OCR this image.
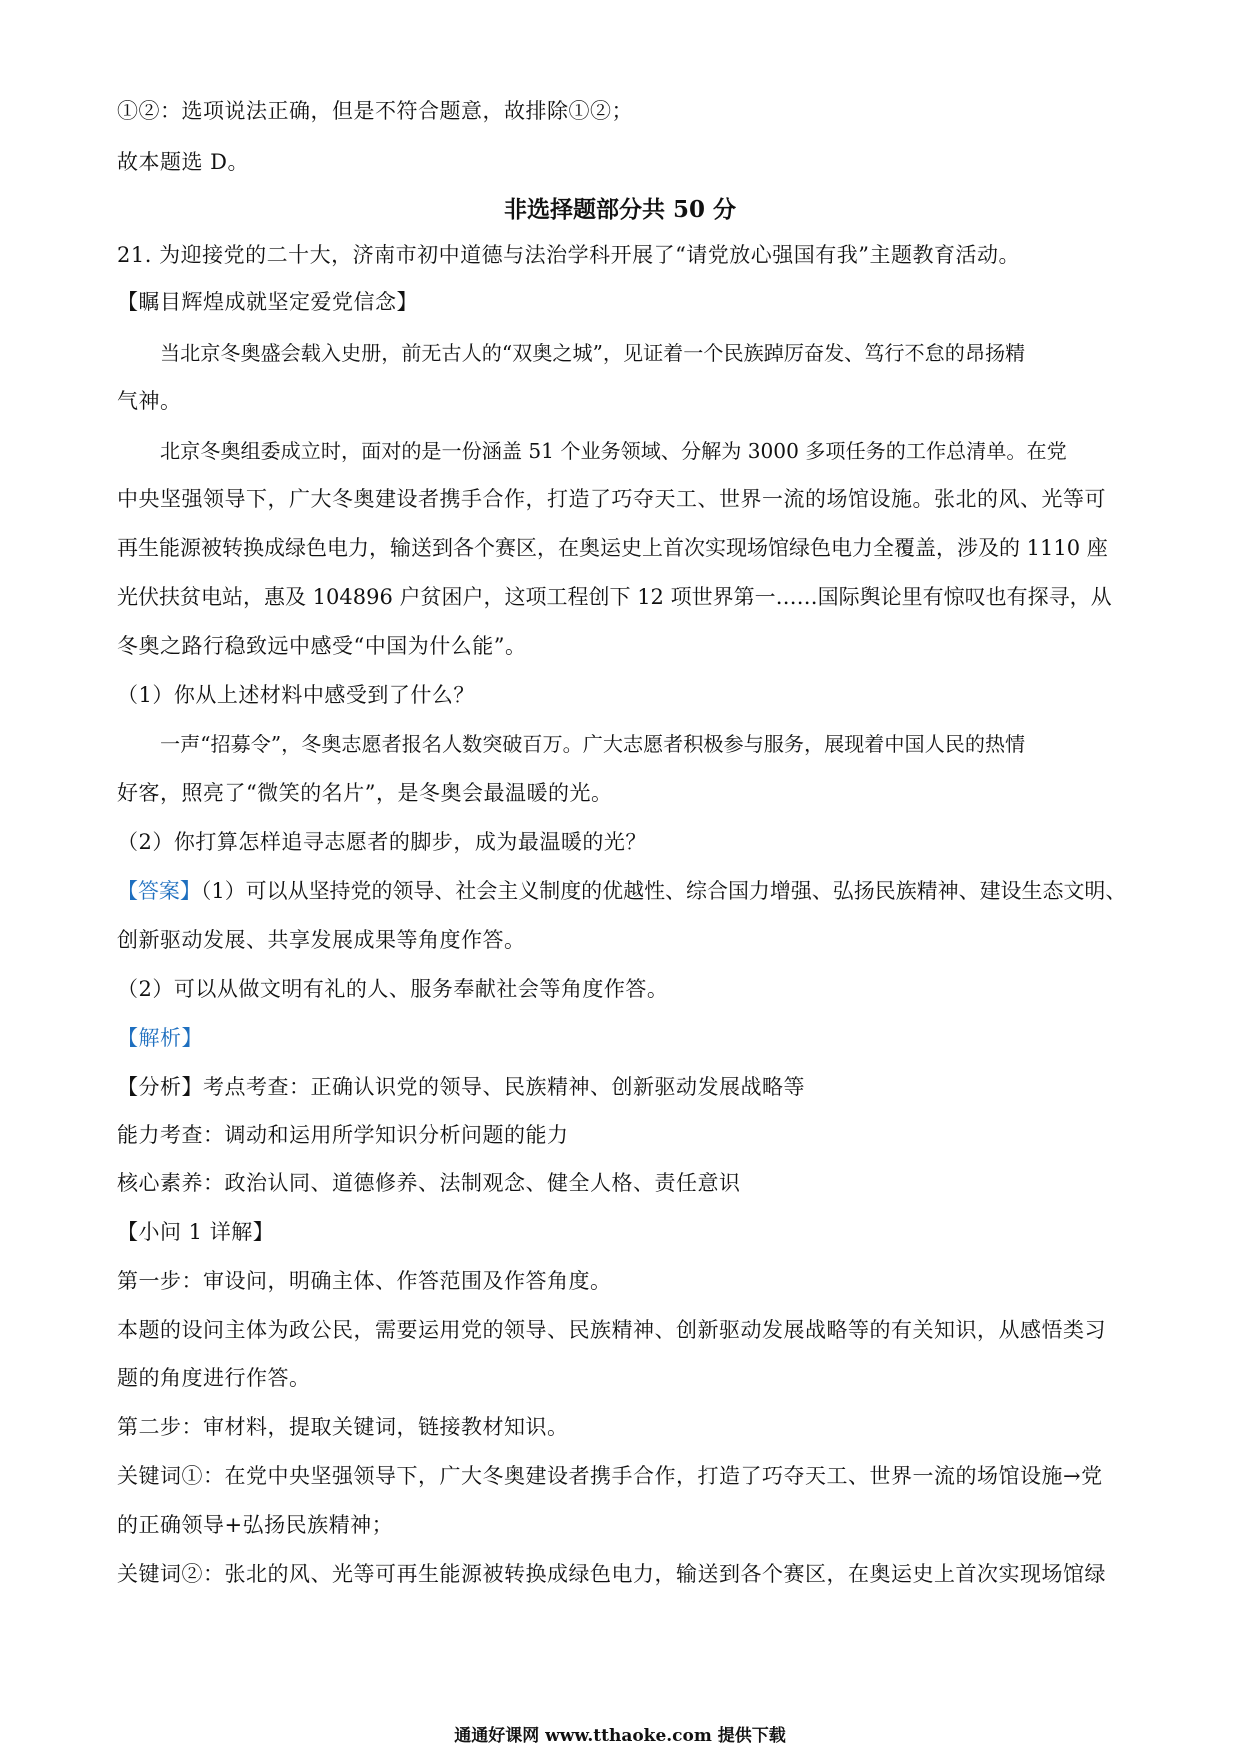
①②：选项说法正确，但是不符合题意，故排除①②；
故本题选 D。
非选择题部分共 50 分
21. 为迎接党的二十大，济南市初中道德与法治学科开展了“请党放心强国有我”主题教育活动。
【瞩目辉煌成就坚定爱党信念】
当北京冬奥盛会载入史册，前无古人的“双奥之城”，见证着一个民族踔厉奋发、笃行不怠的昂扬精
气神。
北京冬奥组委成立时，面对的是一份涵盖 51 个业务领域、分解为 3000 多项任务的工作总清单。在党
中央坚强领导下，广大冬奥建设者携手合作，打造了巧夺天工、世界一流的场馆设施。张北的风、光等可
再生能源被转换成绿色电力，输送到各个赛区，在奥运史上首次实现场馆绿色电力全覆盖，涉及的 1110 座
光伏扶贫电站，惠及 104896 户贫困户，这项工程创下 12 项世界第一……国际舆论里有惊叹也有探寻，从
冬奥之路行稳致远中感受“中国为什么能”。
（1）你从上述材料中感受到了什么？
一声“招募令”，冬奥志愿者报名人数突破百万。广大志愿者积极参与服务，展现着中国人民的热情
好客，照亮了“微笑的名片”，是冬奥会最温暖的光。
（2）你打算怎样追寻志愿者的脚步，成为最温暖的光？
【答案】（1）可以从坚持党的领导、社会主义制度的优越性、综合国力增强、弘扬民族精神、建设生态文明、
创新驱动发展、共享发展成果等角度作答。
（2）可以从做文明有礼的人、服务奉献社会等角度作答。
【解析】
【分析】考点考查：正确认识党的领导、民族精神、创新驱动发展战略等
能力考查：调动和运用所学知识分析问题的能力
核心素养：政治认同、道德修养、法制观念、健全人格、责任意识
【小问 1 详解】
第一步：审设问，明确主体、作答范围及作答角度。
本题的设问主体为政公民，需要运用党的领导、民族精神、创新驱动发展战略等的有关知识，从感悟类习
题的角度进行作答。
第二步：审材料，提取关键词，链接教材知识。
关键词①：在党中央坚强领导下，广大冬奥建设者携手合作，打造了巧夺天工、世界一流的场馆设施→党
的正确领导+弘扬民族精神；
关键词②：张北的风、光等可再生能源被转换成绿色电力，输送到各个赛区，在奥运史上首次实现场馆绿
通通好课网 www.tthaoke.com 提供下载
